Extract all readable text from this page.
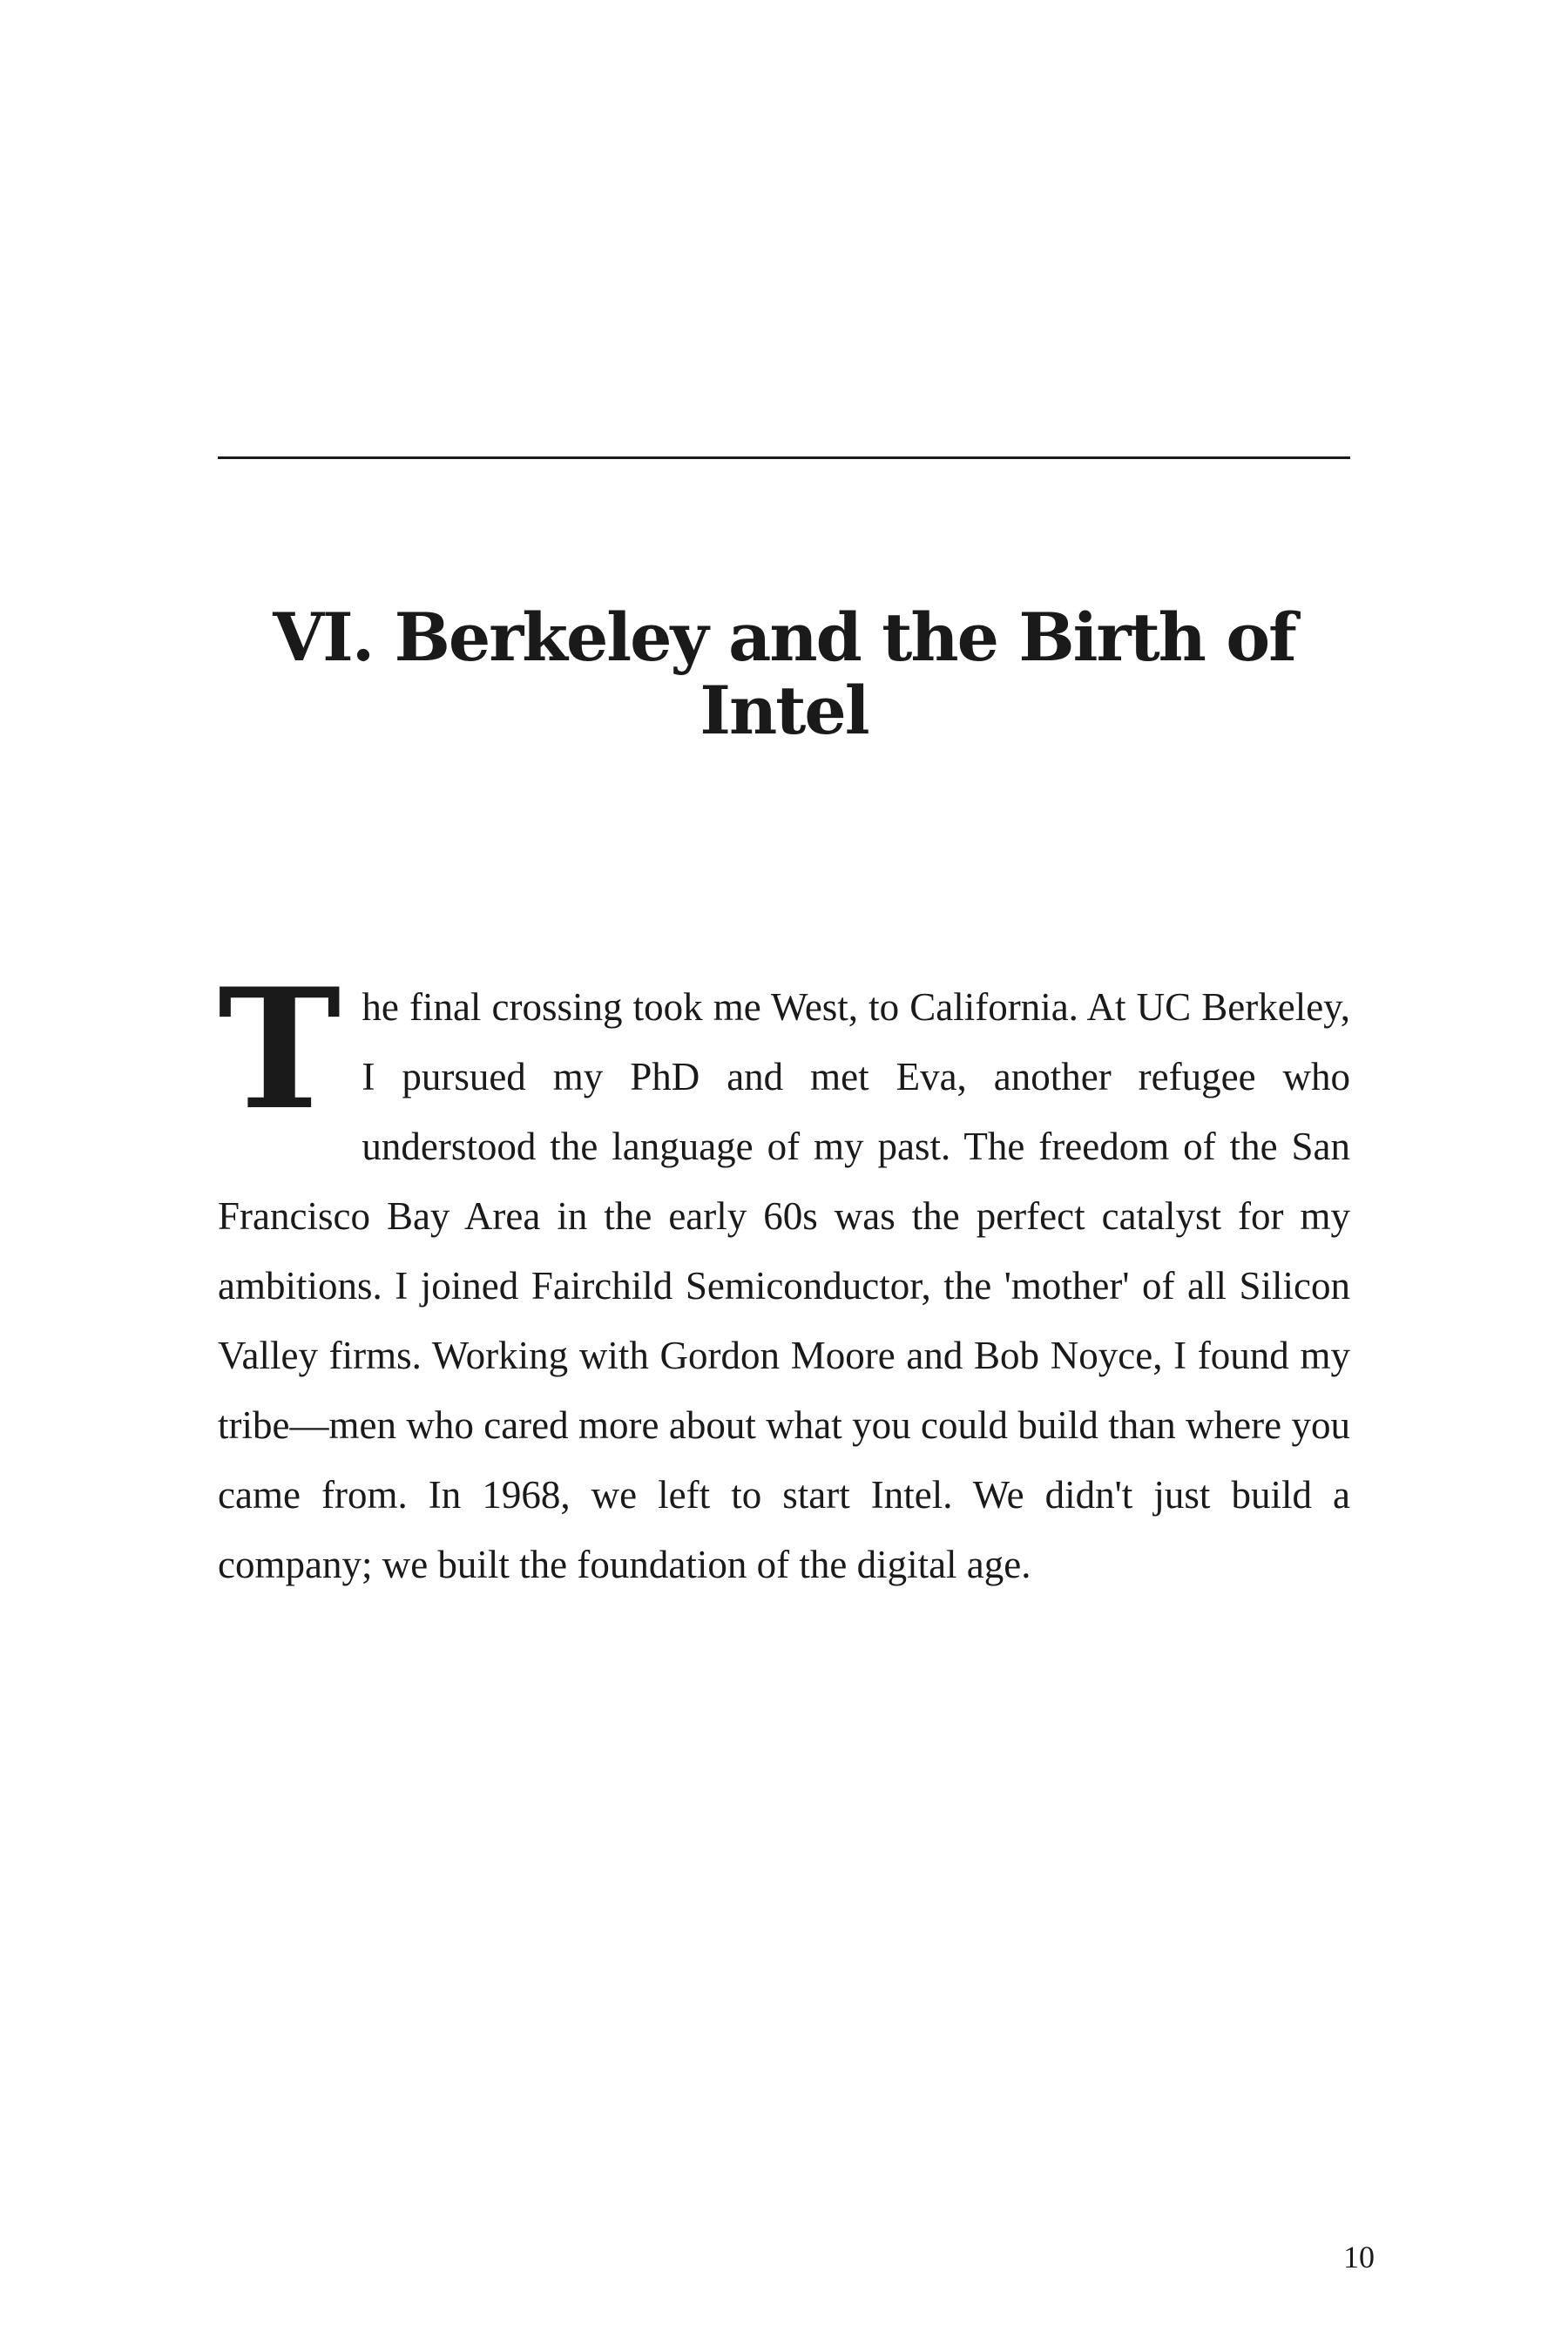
VI. Berkeley and the Birth of Intel

The final crossing took me West, to California. At UC Berkeley, I pursued my PhD and met Eva, another refugee who understood the language of my past. The freedom of the San Francisco Bay Area in the early 60s was the perfect catalyst for my ambitions. I joined Fairchild Semiconductor, the 'mother' of all Silicon Valley firms. Working with Gordon Moore and Bob Noyce, I found my tribe—men who cared more about what you could build than where you came from. In 1968, we left to start Intel. We didn't just build a company; we built the foundation of the digital age.

10
